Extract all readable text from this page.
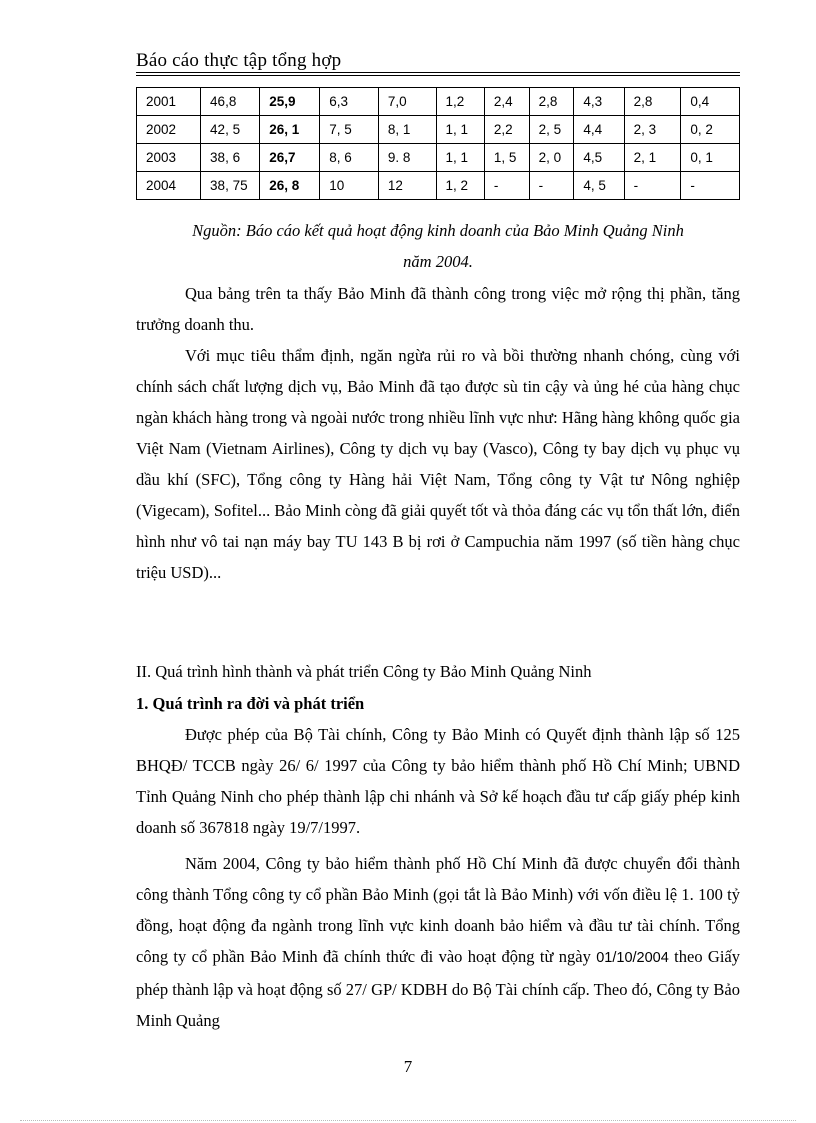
Báo cáo thực tập tổng hợp
2001	46,8	25,9	6,3	7,0	1,2	2,4	2,8	4,3	2,8	0,4
2002	42, 5	26, 1	7, 5	8, 1	1, 1	2,2	2, 5	4,4	2, 3	0, 2
2003	38, 6	26,7	8, 6	9. 8	1, 1	1, 5	2, 0	4,5	2, 1	0, 1
2004	38, 75	26, 8	10	12	1, 2	-	-	4, 5	-	-
Nguồn: Báo cáo kết quả hoạt động kinh doanh của Bảo Minh Quảng Ninh
năm 2004.

Qua bảng trên ta thấy Bảo Minh đã thành công trong việc mở rộng thị phần, tăng trưởng doanh thu.

Với mục tiêu thẩm định, ngăn ngừa rủi ro và bồi thường nhanh chóng, cùng với chính sách chất lượng dịch vụ, Bảo Minh đã tạo được sù tin cậy và ủng hé của hàng chục ngàn khách hàng trong và ngoài nước trong nhiều lĩnh vực như: Hãng hàng không quốc gia Việt Nam (Vietnam Airlines), Công ty dịch vụ bay (Vasco), Công ty bay dịch vụ phục vụ dầu khí (SFC), Tổng công ty Hàng hải Việt Nam, Tổng công ty Vật tư Nông nghiệp (Vigecam), Sofitel... Bảo Minh còng đã giải quyết tốt và thỏa đáng các vụ tổn thất lớn, điển hình như vô tai nạn máy bay TU 143 B bị rơi ở Campuchia năm 1997 (số tiền hàng chục triệu USD)...

II. Quá trình hình thành và phát triển Công ty Bảo Minh Quảng Ninh
1. Quá trình ra đời và phát triển

Được phép của Bộ Tài chính, Công ty Bảo Minh có Quyết định thành lập số 125 BHQĐ/ TCCB ngày 26/ 6/ 1997 của Công ty bảo hiểm thành phố Hồ Chí Minh; UBND Tỉnh Quảng Ninh cho phép thành lập chi nhánh và Sở kế hoạch đầu tư cấp giấy phép kinh doanh số 367818 ngày 19/7/1997.

Năm 2004, Công ty bảo hiểm thành phố Hồ Chí Minh đã được chuyển đổi thành công thành Tổng công ty cổ phần Bảo Minh (gọi tắt là Bảo Minh) với vốn điều lệ 1. 100 tỷ đồng, hoạt động đa ngành trong lĩnh vực kinh doanh bảo hiểm và đầu tư tài chính. Tổng công ty cổ phần Bảo Minh đã chính thức đi vào hoạt động từ ngày 01/10/2004 theo Giấy phép thành lập và hoạt động số 27/ GP/ KDBH do Bộ Tài chính cấp. Theo đó, Công ty Bảo Minh Quảng

7
